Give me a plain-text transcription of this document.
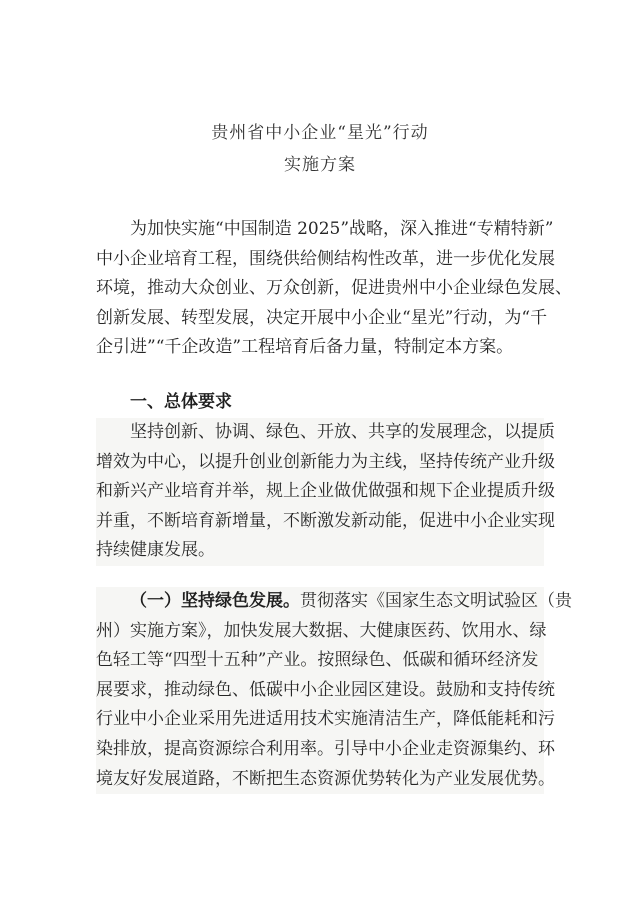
贵州省中小企业“星光”行动
实施方案
为加快实施“中国制造 2025”战略，深入推进“专精特新”
中小企业培育工程，围绕供给侧结构性改革，进一步优化发展
环境，推动大众创业、万众创新，促进贵州中小企业绿色发展、
创新发展、转型发展，决定开展中小企业“星光”行动，为“千
企引进”“千企改造”工程培育后备力量，特制定本方案。
一、总体要求
坚持创新、协调、绿色、开放、共享的发展理念，以提质
增效为中心，以提升创业创新能力为主线，坚持传统产业升级
和新兴产业培育并举，规上企业做优做强和规下企业提质升级
并重，不断培育新增量，不断激发新动能，促进中小企业实现
持续健康发展。
（一）坚持绿色发展。贯彻落实《国家生态文明试验区（贵
州）实施方案》，加快发展大数据、大健康医药、饮用水、绿
色轻工等“四型十五种”产业。按照绿色、低碳和循环经济发
展要求，推动绿色、低碳中小企业园区建设。鼓励和支持传统
行业中小企业采用先进适用技术实施清洁生产，降低能耗和污
染排放，提高资源综合利用率。引导中小企业走资源集约、环
境友好发展道路，不断把生态资源优势转化为产业发展优势。
